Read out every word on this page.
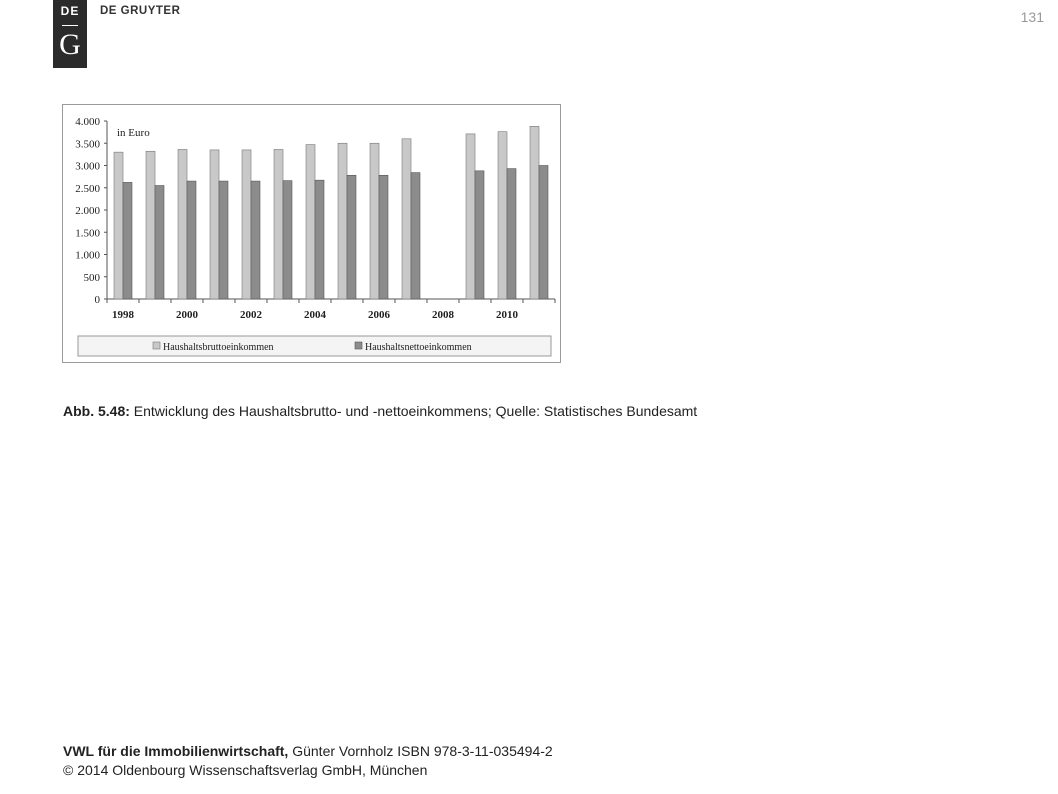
DE
G
DE GRUYTER	131
0
500
1.000
1.500
2.000
2.500
3.000
3.500
4.000
1998	2000	2002	2004	2006	2008	2010
in Euro
Haushaltsbruttoeinkommen	Haushaltsnettoeinkommen
Abb. 5.48: Entwicklung des Haushaltsbrutto- und -nettoeinkommens; Quelle: Statistisches Bundesamt
VWL für die Immobilienwirtschaft, Günter Vornholz ISBN 978-3-11-035494-2
© 2014 Oldenbourg Wissenschaftsverlag GmbH, München
